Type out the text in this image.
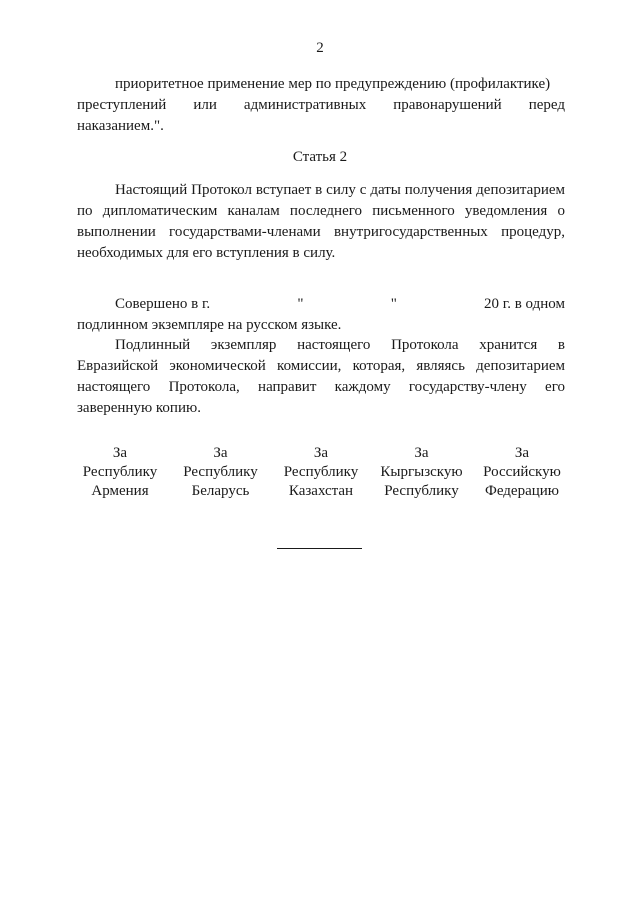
2
приоритетное применение мер по предупреждению (профилактике)
преступлений или административных правонарушений перед
наказанием.".
Статья 2
Настоящий Протокол вступает в силу с даты получения депозитарием по дипломатическим каналам последнего письменного уведомления о выполнении государствами-членами внутригосударственных процедур, необходимых для его вступления в силу.
Совершено в г.	"	"	20 г. в одном
подлинном экземпляре на русском языке.
Подлинный экземпляр настоящего Протокола хранится в Евразийской экономической комиссии, которая, являясь депозитарием настоящего Протокола, направит каждому государству-члену его заверенную копию.
За
Республику
Армения
За
Республику
Беларусь
За
Республику
Казахстан
За
Кыргызскую
Республику
За
Российскую
Федерацию
